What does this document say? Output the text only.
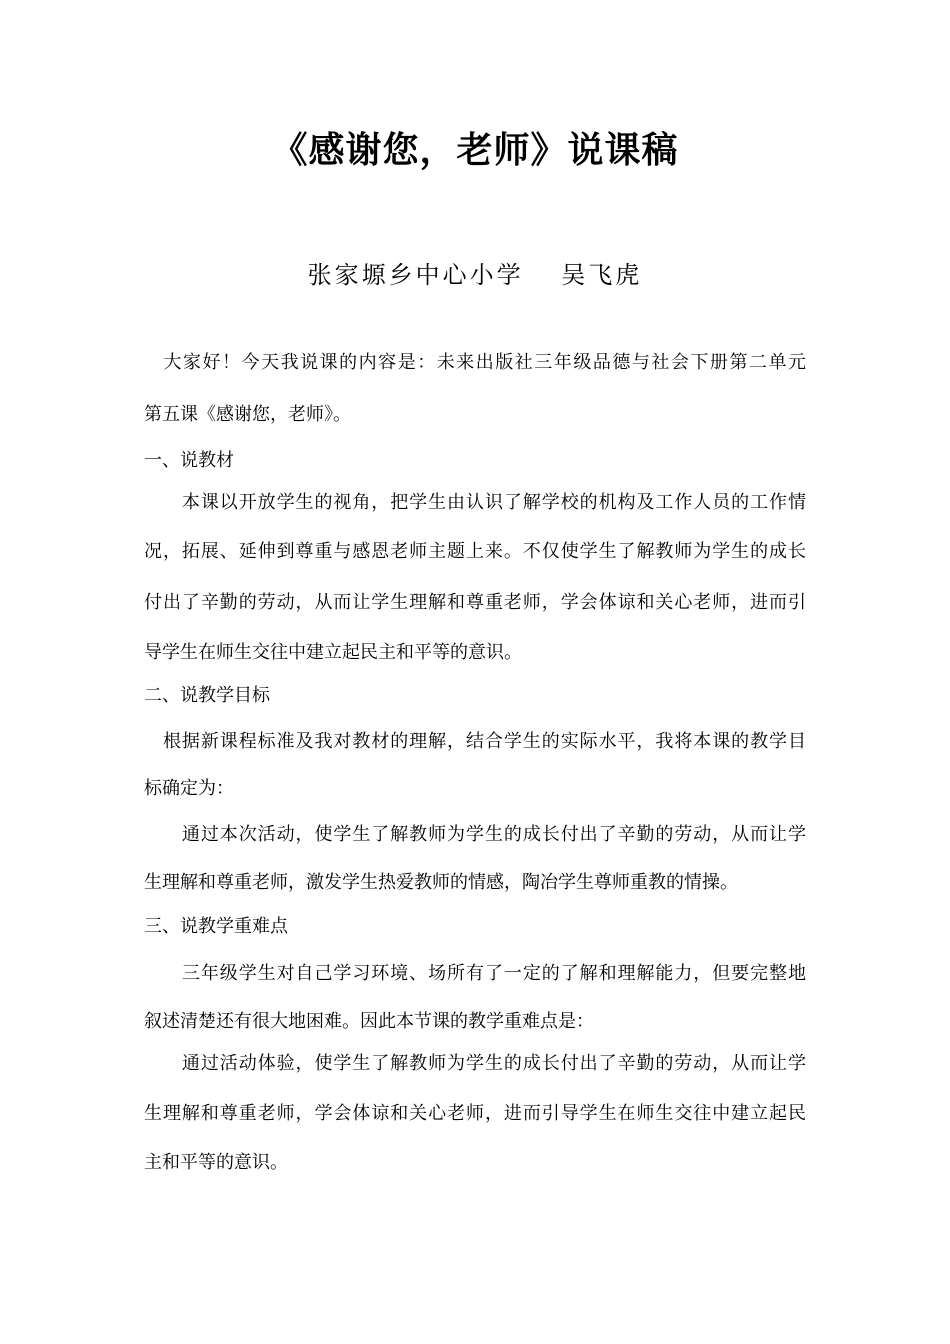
《感谢您，老师》说课稿
张家塬乡中心小学　 吴飞虎
　大家好！今天我说课的内容是：未来出版社三年级品德与社会下册第二单元
第五课《感谢您，老师》。
一、说教材
　　本课以开放学生的视角，把学生由认识了解学校的机构及工作人员的工作情
况，拓展、延伸到尊重与感恩老师主题上来。不仅使学生了解教师为学生的成长
付出了辛勤的劳动，从而让学生理解和尊重老师，学会体谅和关心老师，进而引
导学生在师生交往中建立起民主和平等的意识。
二、说教学目标
　根据新课程标准及我对教材的理解，结合学生的实际水平，我将本课的教学目
标确定为：
　　通过本次活动，使学生了解教师为学生的成长付出了辛勤的劳动，从而让学
生理解和尊重老师，激发学生热爱教师的情感，陶冶学生尊师重教的情操。
三、说教学重难点
　　三年级学生对自己学习环境、场所有了一定的了解和理解能力，但要完整地
叙述清楚还有很大地困难。因此本节课的教学重难点是：
　　通过活动体验，使学生了解教师为学生的成长付出了辛勤的劳动，从而让学
生理解和尊重老师，学会体谅和关心老师，进而引导学生在师生交往中建立起民
主和平等的意识。
